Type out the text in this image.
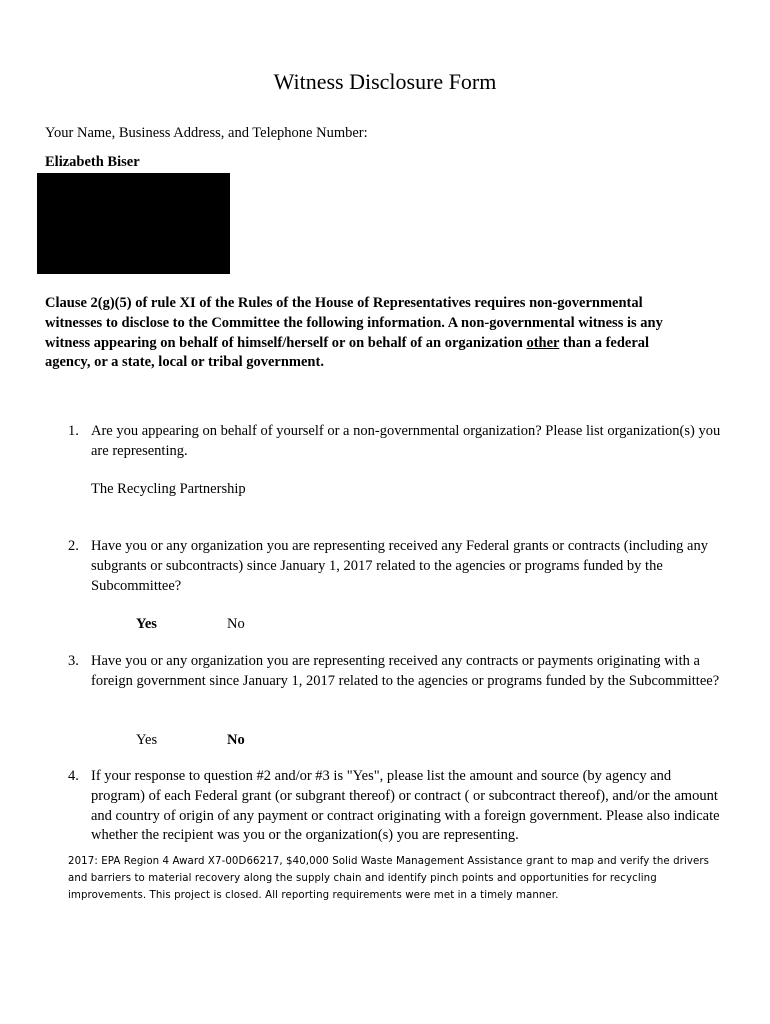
Witness Disclosure Form
Your Name, Business Address, and Telephone Number:
Elizabeth Biser
Clause 2(g)(5) of rule XI of the Rules of the House of Representatives requires non-governmental witnesses to disclose to the Committee the following information. A non-governmental witness is any witness appearing on behalf of himself/herself or on behalf of an organization other than a federal agency, or a state, local or tribal government.
1. Are you appearing on behalf of yourself or a non-governmental organization? Please list organization(s) you are representing.
The Recycling Partnership
2. Have you or any organization you are representing received any Federal grants or contracts (including any subgrants or subcontracts) since January 1, 2017 related to the agencies or programs funded by the Subcommittee?
Yes	No
3. Have you or any organization you are representing received any contracts or payments originating with a foreign government since January 1, 2017 related to the agencies or programs funded by the Subcommittee?
Yes	No
4. If your response to question #2 and/or #3 is "Yes", please list the amount and source (by agency and program) of each Federal grant (or subgrant thereof) or contract ( or subcontract thereof), and/or the amount and country of origin of any payment or contract originating with a foreign government. Please also indicate whether the recipient was you or the organization(s) you are representing.
2017: EPA Region 4 Award X7-00D66217, $40,000 Solid Waste Management Assistance grant to map and verify the drivers and barriers to material recovery along the supply chain and identify pinch points and opportunities for recycling improvements. This project is closed. All reporting requirements were met in a timely manner.
